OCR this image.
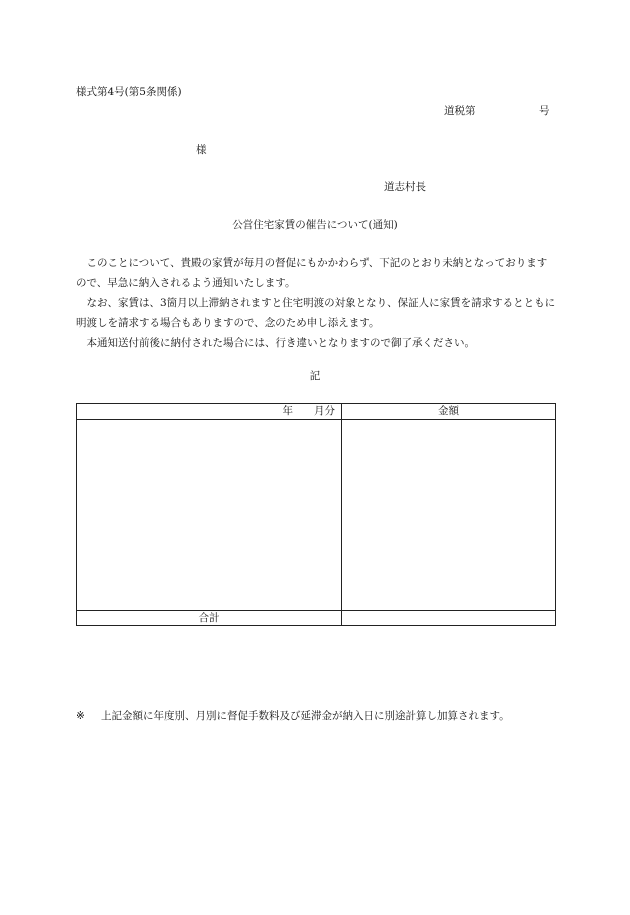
様式第4号(第5条関係)
道税第	号
様
道志村長
公営住宅家賃の催告について(通知)

このことについて、貴殿の家賃が毎月の督促にもかかわらず、下記のとおり未納となっておりますので、早急に納入されるよう通知いたします。

なお、家賃は、3箇月以上滞納されますと住宅明渡の対象となり、保証人に家賃を請求するとともに明渡しを請求する場合もありますので、念のため申し添えます。

本通知送付前後に納付された場合には、行き違いとなりますので御了承ください。

記
年　　月分	金額

合計	
※	上記金額に年度別、月別に督促手数料及び延滞金が納入日に別途計算し加算されます。
